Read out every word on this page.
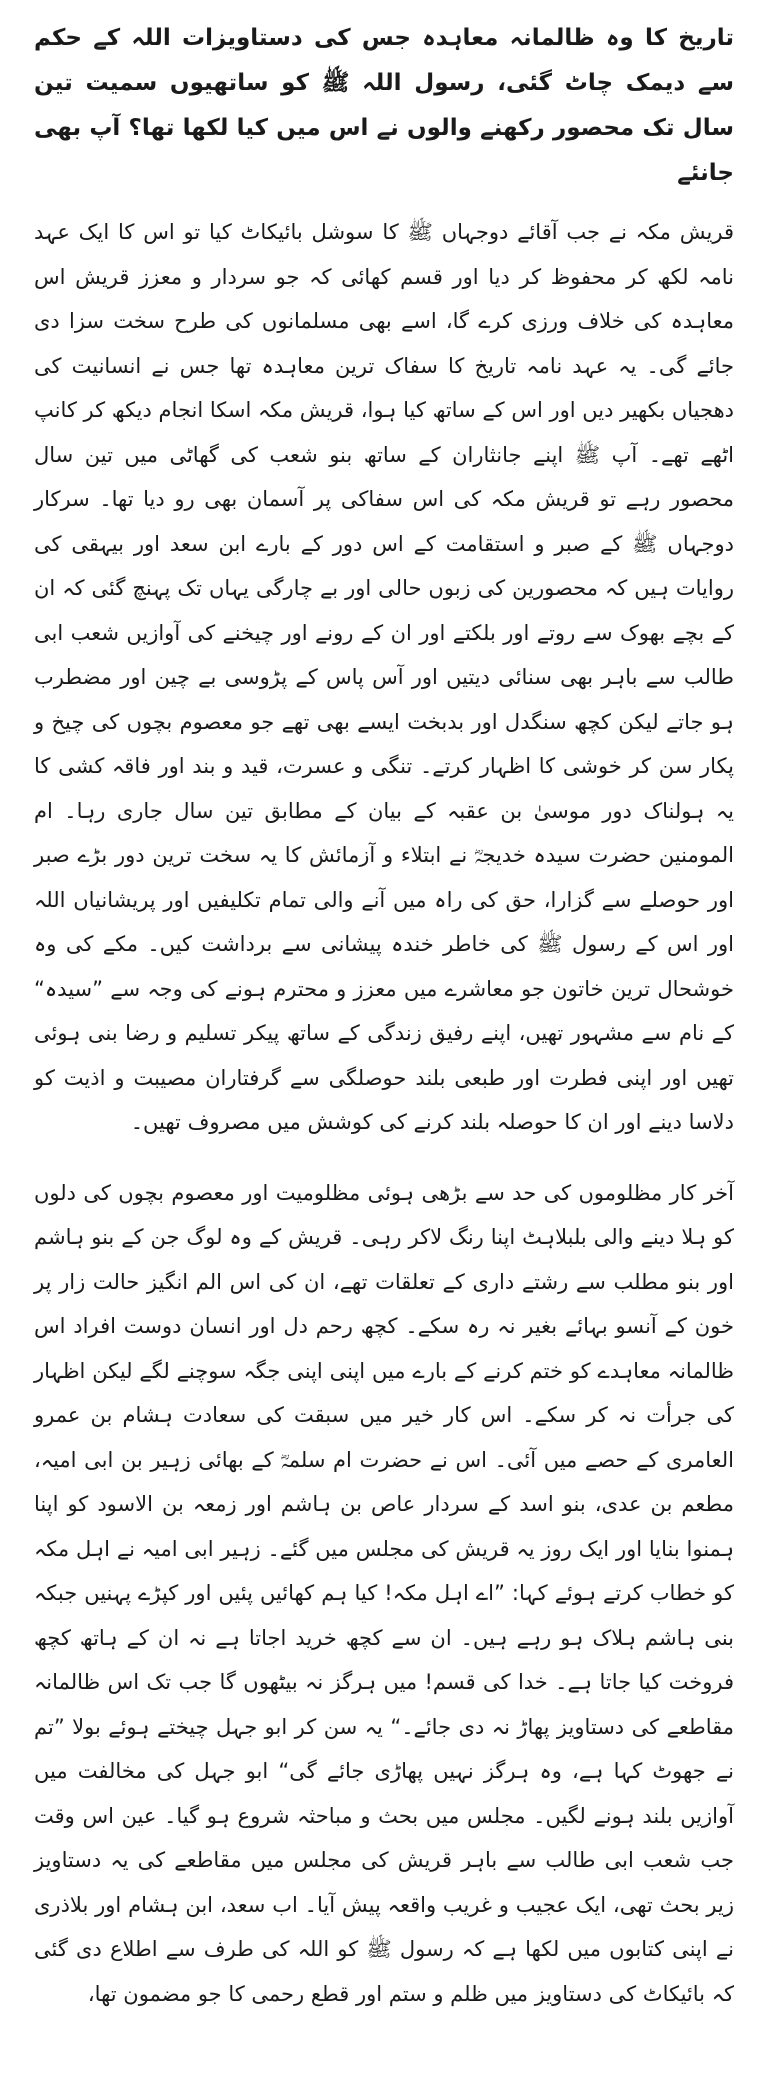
تاریخ کا وہ ظالمانہ معاہدہ جس کی دستاویزات اللہ کے حکم سے دیمک چاٹ گئی، رسول اللہ ﷺ کو ساتھیوں سمیت تین سال تک محصور رکھنے والوں نے اس میں کیا لکھا تھا؟ آپ بھی جانئے

قریش مکہ نے جب آقائے دوجہاں ﷺ کا سوشل بائیکاٹ کیا تو اس کا ایک عہد نامہ لکھ کر محفوظ کر دیا اور قسم کھائی کہ جو سردار و معزز قریش اس معاہدہ کی خلاف ورزی کرے گا، اسے بھی مسلمانوں کی طرح سخت سزا دی جائے گی۔ یہ عہد نامہ تاریخ کا سفاک ترین معاہدہ تھا جس نے انسانیت کی دھجیاں بکھیر دیں اور اس کے ساتھ کیا ہوا، قریش مکہ اسکا انجام دیکھ کر کانپ اٹھے تھے۔ آپ ﷺ اپنے جانثاران کے ساتھ بنو شعب کی گھاٹی میں تین سال محصور رہے تو قریش مکہ کی اس سفاکی پر آسمان بھی رو دیا تھا۔ سرکار دوجہاں ﷺ کے صبر و استقامت کے اس دور کے بارے ابن سعد اور بیہقی کی روایات ہیں کہ محصورین کی زبوں حالی اور بے چارگی یہاں تک پہنچ گئی کہ ان کے بچے بھوک سے روتے اور بلکتے اور ان کے رونے اور چیخنے کی آوازیں شعب ابی طالب سے باہر بھی سنائی دیتیں اور آس پاس کے پڑوسی بے چین اور مضطرب ہو جاتے لیکن کچھ سنگدل اور بدبخت ایسے بھی تھے جو معصوم بچوں کی چیخ و پکار سن کر خوشی کا اظہار کرتے۔ تنگی و عسرت، قید و بند اور فاقہ کشی کا یہ ہولناک دور موسیٰ بن عقبہ کے بیان کے مطابق تین سال جاری رہا۔ ام المومنین حضرت سیدہ خدیجہؓ نے ابتلاء و آزمائش کا یہ سخت ترین دور بڑے صبر اور حوصلے سے گزارا، حق کی راہ میں آنے والی تمام تکلیفیں اور پریشانیاں اللہ اور اس کے رسول ﷺ کی خاطر خندہ پیشانی سے برداشت کیں۔ مکے کی وہ خوشحال ترین خاتون جو معاشرے میں معزز و محترم ہونے کی وجہ سے ”سیدہ“ کے نام سے مشہور تھیں، اپنے رفیق زندگی کے ساتھ پیکر تسلیم و رضا بنی ہوئی تھیں اور اپنی فطرت اور طبعی بلند حوصلگی سے گرفتاران مصیبت و اذیت کو دلاسا دینے اور ان کا حوصلہ بلند کرنے کی کوشش میں مصروف تھیں۔

آخر کار مظلوموں کی حد سے بڑھی ہوئی مظلومیت اور معصوم بچوں کی دلوں کو ہلا دینے والی بلبلاہٹ اپنا رنگ لاکر رہی۔ قریش کے وہ لوگ جن کے بنو ہاشم اور بنو مطلب سے رشتے داری کے تعلقات تھے، ان کی اس الم انگیز حالت زار پر خون کے آنسو بہائے بغیر نہ رہ سکے۔ کچھ رحم دل اور انسان دوست افراد اس ظالمانہ معاہدے کو ختم کرنے کے بارے میں اپنی اپنی جگہ سوچنے لگے لیکن اظہار کی جرأت نہ کر سکے۔ اس کار خیر میں سبقت کی سعادت ہشام بن عمرو العامری کے حصے میں آئی۔ اس نے حضرت ام سلمہؓ کے بھائی زہیر بن ابی امیہ، مطعم بن عدی، بنو اسد کے سردار عاص بن ہاشم اور زمعہ بن الاسود کو اپنا ہمنوا بنایا اور ایک روز یہ قریش کی مجلس میں گئے۔ زہیر ابی امیہ نے اہل مکہ کو خطاب کرتے ہوئے کہا: ”اے اہل مکہ! کیا ہم کھائیں پئیں اور کپڑے پہنیں جبکہ بنی ہاشم ہلاک ہو رہے ہیں۔ ان سے کچھ خرید اجاتا ہے نہ ان کے ہاتھ کچھ فروخت کیا جاتا ہے۔ خدا کی قسم! میں ہرگز نہ بیٹھوں گا جب تک اس ظالمانہ مقاطعے کی دستاویز پھاڑ نہ دی جائے۔“ یہ سن کر ابو جہل چیختے ہوئے بولا ”تم نے جھوٹ کہا ہے، وہ ہرگز نہیں پھاڑی جائے گی“ ابو جہل کی مخالفت میں آوازیں بلند ہونے لگیں۔ مجلس میں بحث و مباحثہ شروع ہو گیا۔ عین اس وقت جب شعب ابی طالب سے باہر قریش کی مجلس میں مقاطعے کی یہ دستاویز زیر بحث تھی، ایک عجیب و غریب واقعہ پیش آیا۔ اب سعد، ابن ہشام اور بلاذری نے اپنی کتابوں میں لکھا ہے کہ رسول ﷺ کو اللہ کی طرف سے اطلاع دی گئی کہ بائیکاٹ کی دستاویز میں ظلم و ستم اور قطع رحمی کا جو مضمون تھا،
